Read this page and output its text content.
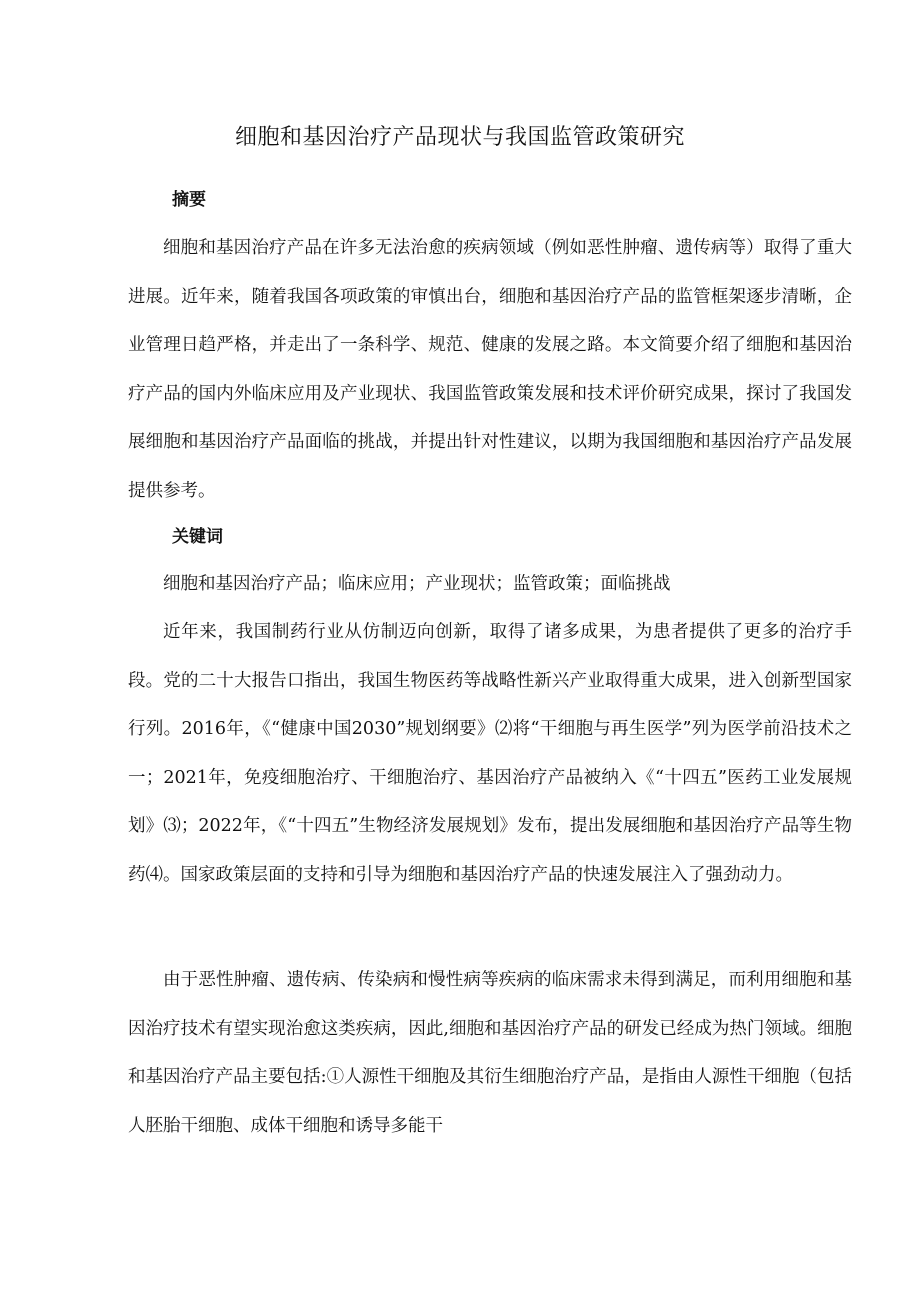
细胞和基因治疗产品现状与我国监管政策研究
摘要

细胞和基因治疗产品在许多无法治愈的疾病领域（例如恶性肿瘤、遗传病等）取得了重大进展。近年来，随着我国各项政策的审慎出台，细胞和基因治疗产品的监管框架逐步清晰，企业管理日趋严格，并走出了一条科学、规范、健康的发展之路。本文简要介绍了细胞和基因治疗产品的国内外临床应用及产业现状、我国监管政策发展和技术评价研究成果，探讨了我国发展细胞和基因治疗产品面临的挑战，并提出针对性建议，以期为我国细胞和基因治疗产品发展提供参考。

关键词

细胞和基因治疗产品；临床应用；产业现状；监管政策；面临挑战

近年来，我国制药行业从仿制迈向创新，取得了诸多成果，为患者提供了更多的治疗手段。党的二十大报告口指出，我国生物医药等战略性新兴产业取得重大成果，进入创新型国家行列。2016年，《“健康中国2030”规划纲要》⑵将“干细胞与再生医学”列为医学前沿技术之一；2021年，免疫细胞治疗、干细胞治疗、基因治疗产品被纳入《“十四五”医药工业发展规划》⑶；2022年，《“十四五”生物经济发展规划》发布，提出发展细胞和基因治疗产品等生物药⑷。国家政策层面的支持和引导为细胞和基因治疗产品的快速发展注入了强劲动力。

由于恶性肿瘤、遗传病、传染病和慢性病等疾病的临床需求未得到满足，而利用细胞和基因治疗技术有望实现治愈这类疾病，因此,细胞和基因治疗产品的研发已经成为热门领域。细胞和基因治疗产品主要包括:①人源性干细胞及其衍生细胞治疗产品，是指由人源性干细胞（包括人胚胎干细胞、成体干细胞和诱导多能干
